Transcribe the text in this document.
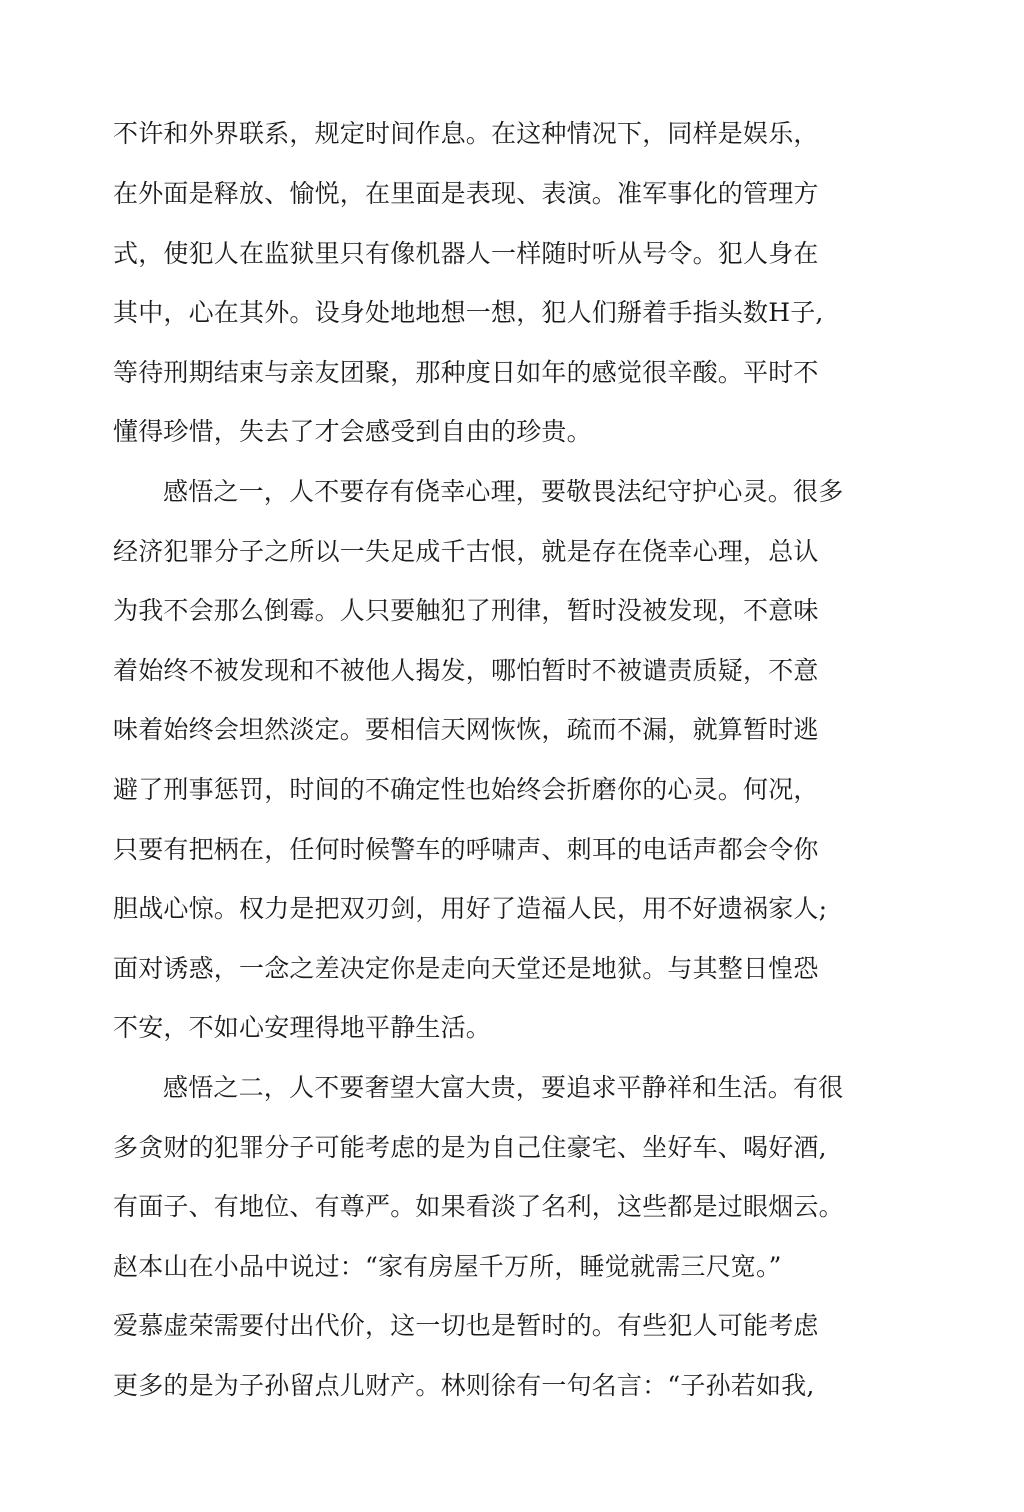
不许和外界联系，规定时间作息。在这种情况下，同样是娱乐，
在外面是释放、愉悦，在里面是表现、表演。准军事化的管理方
式，使犯人在监狱里只有像机器人一样随时听从号令。犯人身在
其中，心在其外。设身处地地想一想，犯人们掰着手指头数H子,
等待刑期结束与亲友团聚，那种度日如年的感觉很辛酸。平时不
懂得珍惜，失去了才会感受到自由的珍贵。
感悟之一，人不要存有侥幸心理，要敬畏法纪守护心灵。很多
经济犯罪分子之所以一失足成千古恨，就是存在侥幸心理，总认
为我不会那么倒霉。人只要触犯了刑律，暂时没被发现，不意味
着始终不被发现和不被他人揭发，哪怕暂时不被谴责质疑，不意
味着始终会坦然淡定。要相信天网恢恢，疏而不漏，就算暂时逃
避了刑事惩罚，时间的不确定性也始终会折磨你的心灵。何况，
只要有把柄在，任何时候警车的呼啸声、刺耳的电话声都会令你
胆战心惊。权力是把双刃剑，用好了造福人民，用不好遗祸家人;
面对诱惑，一念之差决定你是走向天堂还是地狱。与其整日惶恐
不安，不如心安理得地平静生活。
感悟之二，人不要奢望大富大贵，要追求平静祥和生活。有很
多贪财的犯罪分子可能考虑的是为自己住豪宅、坐好车、喝好酒,
有面子、有地位、有尊严。如果看淡了名利，这些都是过眼烟云。
赵本山在小品中说过：“家有房屋千万所，睡觉就需三尺宽。”
爱慕虚荣需要付出代价，这一切也是暂时的。有些犯人可能考虑
更多的是为子孙留点儿财产。林则徐有一句名言：“子孙若如我,
